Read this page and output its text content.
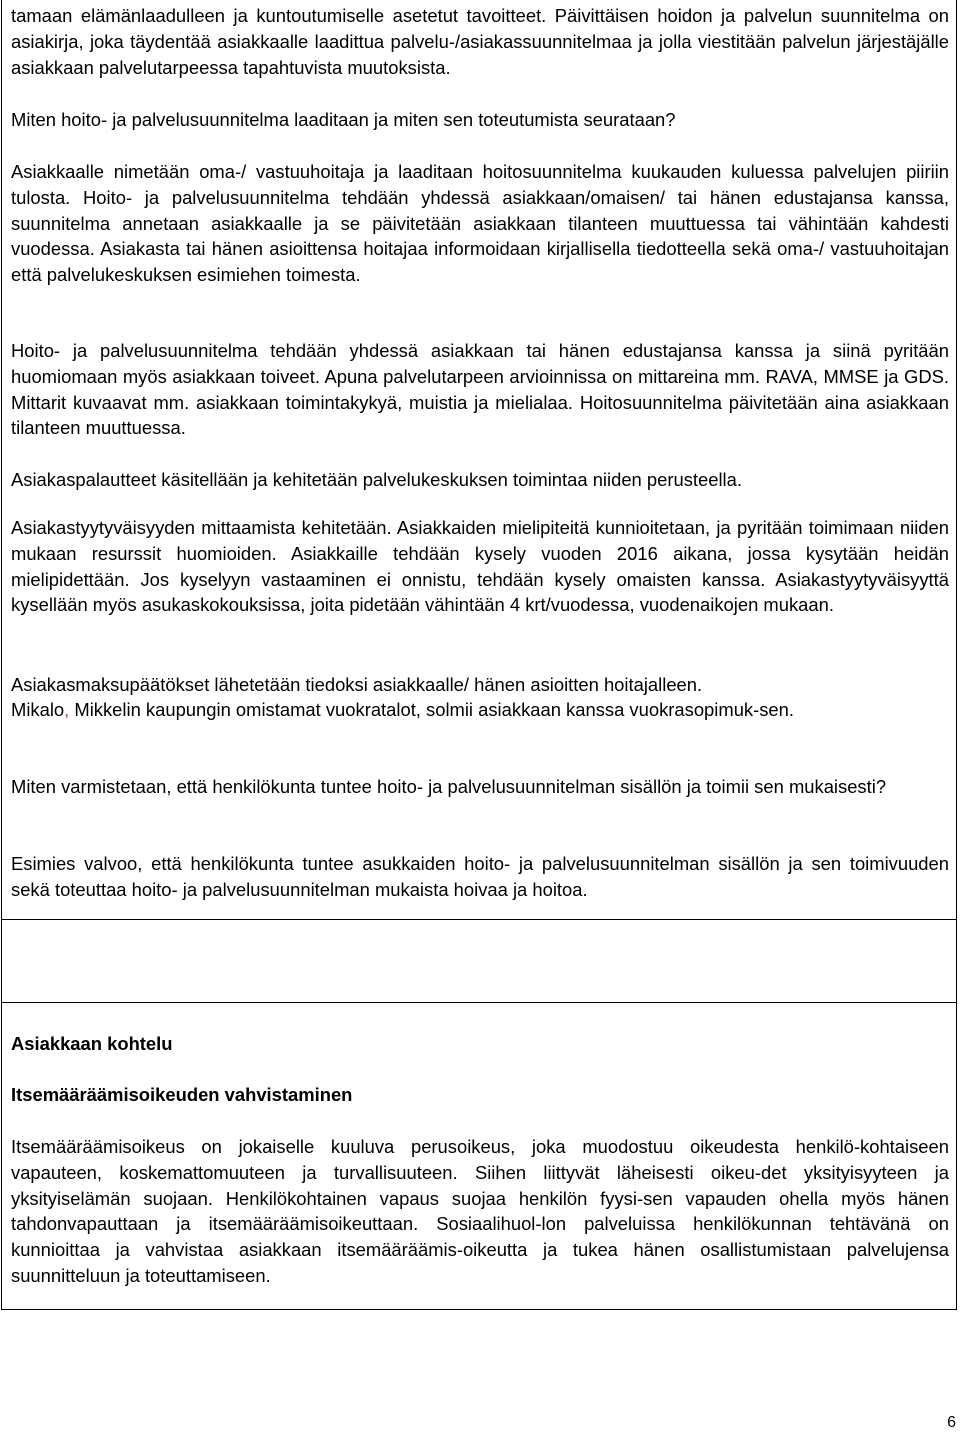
tamaan elämänlaadulleen ja kuntoutumiselle asetetut tavoitteet. Päivittäisen hoidon ja palvelun suunnitelma on asiakirja, joka täydentää asiakkaalle laadittua palvelu-/asiakassuunnitelmaa ja jolla viestitään palvelun järjestäjälle asiakkaan palvelutarpeessa tapahtuvista muutoksista.

Miten hoito- ja palvelusuunnitelma laaditaan ja miten sen toteutumista seurataan?

Asiakkaalle nimetään oma-/ vastuuhoitaja ja laaditaan hoitosuunnitelma kuukauden kuluessa palvelujen piiriin tulosta. Hoito- ja palvelusuunnitelma tehdään yhdessä asiakkaan/omaisen/ tai hänen edustajansa kanssa, suunnitelma annetaan asiakkaalle ja se päivitetään asiakkaan tilanteen muuttuessa tai vähintään kahdesti vuodessa. Asiakasta tai hänen asioittensa hoitajaa informoidaan kirjallisella tiedotteella sekä oma-/ vastuuhoitajan että palvelukeskuksen esimiehen toimesta.

Hoito- ja palvelusuunnitelma tehdään yhdessä asiakkaan tai hänen edustajansa kanssa ja siinä pyritään huomiomaan myös asiakkaan toiveet. Apuna palvelutarpeen arvioinnissa on mittareina mm. RAVA, MMSE ja GDS. Mittarit kuvaavat mm. asiakkaan toimintakykyä, muistia ja mielialaa. Hoitosuunnitelma päivitetään aina asiakkaan tilanteen muuttuessa.

Asiakaspalautteet käsitellään ja kehitetään palvelukeskuksen toimintaa niiden perusteella.

Asiakastyytyväisyyden mittaamista kehitetään. Asiakkaiden mielipiteitä kunnioitetaan, ja pyritään toimimaan niiden mukaan resurssit huomioiden. Asiakkaille tehdään kysely vuoden 2016 aikana, jossa kysytään heidän mielipidettään. Jos kyselyyn vastaaminen ei onnistu, tehdään kysely omaisten kanssa. Asiakastyytyväisyyttä kysellään myös asukaskokouksissa, joita pidetään vähintään 4 krt/vuodessa, vuodenaikojen mukaan.

Asiakasmaksupäätökset lähetetään tiedoksi asiakkaalle/ hänen asioitten hoitajalleen.

Mikalo, Mikkelin kaupungin omistamat vuokratalot, solmii asiakkaan kanssa vuokrasopimuk-sen.

Miten varmistetaan, että henkilökunta tuntee hoito- ja palvelusuunnitelman sisällön ja toimii sen mukaisesti?

Esimies valvoo, että henkilökunta tuntee asukkaiden hoito- ja palvelusuunnitelman sisällön ja sen toimivuuden sekä toteuttaa hoito- ja palvelusuunnitelman mukaista hoivaa ja hoitoa.

Asiakkaan kohtelu

Itsemääräämisoikeuden vahvistaminen

Itsemääräämisoikeus on jokaiselle kuuluva perusoikeus, joka muodostuu oikeudesta henkilö-kohtaiseen vapauteen, koskemattomuuteen ja turvallisuuteen. Siihen liittyvät läheisesti oikeu-det yksityisyyteen ja yksityiselämän suojaan. Henkilökohtainen vapaus suojaa henkilön fyysi-sen vapauden ohella myös hänen tahdonvapauttaan ja itsemääräämisoikeuttaan. Sosiaalihuol-lon palveluissa henkilökunnan tehtävänä on kunnioittaa ja vahvistaa asiakkaan itsemääräämis-oikeutta ja tukea hänen osallistumistaan palvelujensa suunnitteluun ja toteuttamiseen.

6
